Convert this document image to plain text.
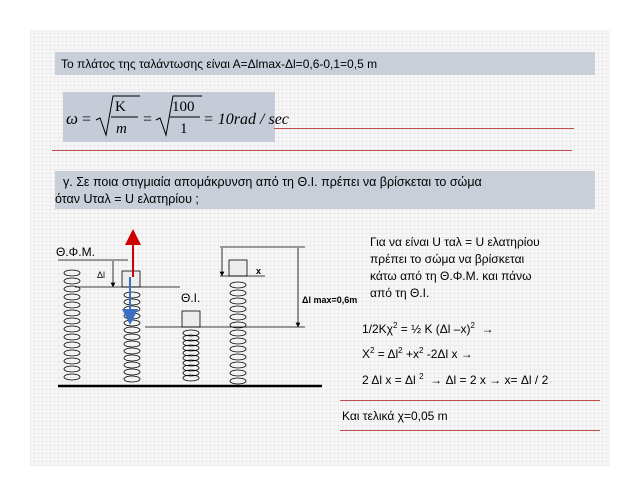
Το πλάτος της ταλάντωσης είναι Α=Δlmax-Δl=0,6-0,1=0,5 m
ω =
K
m
=
100
1
= 10rad / sec
γ. Σε ποια στιγμιαία απομάκρυνση από τη Θ.Ι. πρέπει να βρίσκεται το σώμα
όταν Uταλ = U ελατηρίου ;
Θ.Φ.Μ.
Δl	x
Θ.Ι.	Δl max=0,6m
Για να είναι U ταλ = U ελατηρίου
πρέπει το σώμα να βρίσκεται
κάτω από τη Θ.Φ.Μ. και πάνω
από τη Θ.Ι.
$1/2K\chi^2$ = ½ Κ (Δl –x)$^2$  →
$X^2 = \Delta l^2 +x^2$ -2Δl x →
2 Δl x = Δl $^2$  → Δl = 2 x → x= Δl / 2
Και τελικά χ=0,05 m
